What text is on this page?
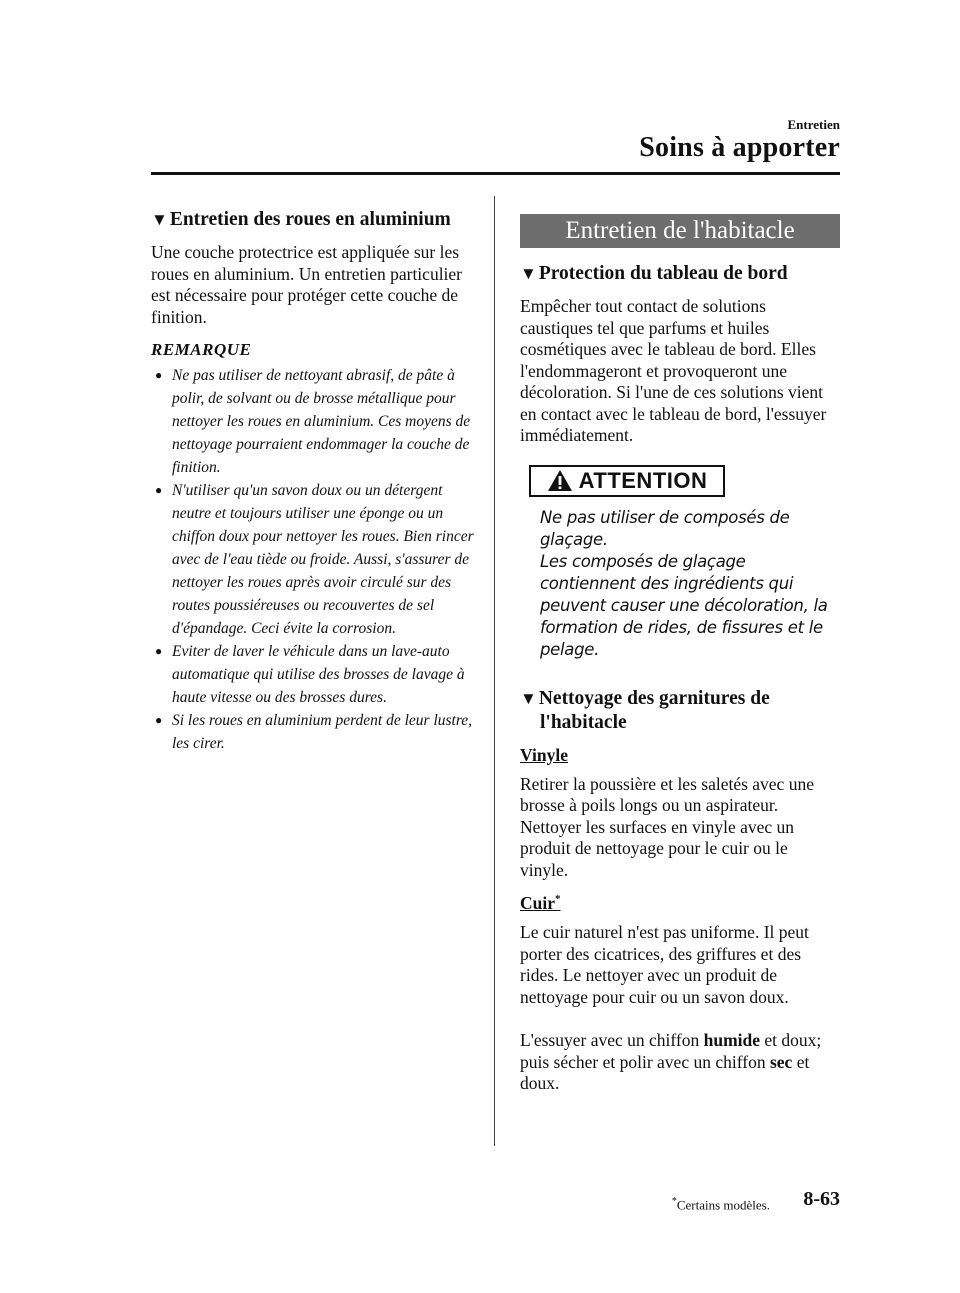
Entretien
Soins à apporter
▼ Entretien des roues en aluminium
Une couche protectrice est appliquée sur les roues en aluminium. Un entretien particulier est nécessaire pour protéger cette couche de finition.
REMARQUE
● Ne pas utiliser de nettoyant abrasif, de pâte à polir, de solvant ou de brosse métallique pour nettoyer les roues en aluminium. Ces moyens de nettoyage pourraient endommager la couche de finition.
● N'utiliser qu'un savon doux ou un détergent neutre et toujours utiliser une éponge ou un chiffon doux pour nettoyer les roues. Bien rincer avec de l'eau tiède ou froide. Aussi, s'assurer de nettoyer les roues après avoir circulé sur des routes poussiéreuses ou recouvertes de sel d'épandage. Ceci évite la corrosion.
● Eviter de laver le véhicule dans un lave-auto automatique qui utilise des brosses de lavage à haute vitesse ou des brosses dures.
● Si les roues en aluminium perdent de leur lustre, les cirer.
Entretien de l'habitacle
▼ Protection du tableau de bord
Empêcher tout contact de solutions caustiques tel que parfums et huiles cosmétiques avec le tableau de bord. Elles l'endommageront et provoqueront une décoloration. Si l'une de ces solutions vient en contact avec le tableau de bord, l'essuyer immédiatement.
ATTENTION
Ne pas utiliser de composés de glaçage.
Les composés de glaçage contiennent des ingrédients qui peuvent causer une décoloration, la formation de rides, de fissures et le pelage.
▼ Nettoyage des garnitures de l'habitacle
Vinyle
Retirer la poussière et les saletés avec une brosse à poils longs ou un aspirateur. Nettoyer les surfaces en vinyle avec un produit de nettoyage pour le cuir ou le vinyle.
Cuir*
Le cuir naturel n'est pas uniforme. Il peut porter des cicatrices, des griffures et des rides. Le nettoyer avec un produit de nettoyage pour cuir ou un savon doux.
L'essuyer avec un chiffon humide et doux; puis sécher et polir avec un chiffon sec et doux.
*Certains modèles. 8-63
